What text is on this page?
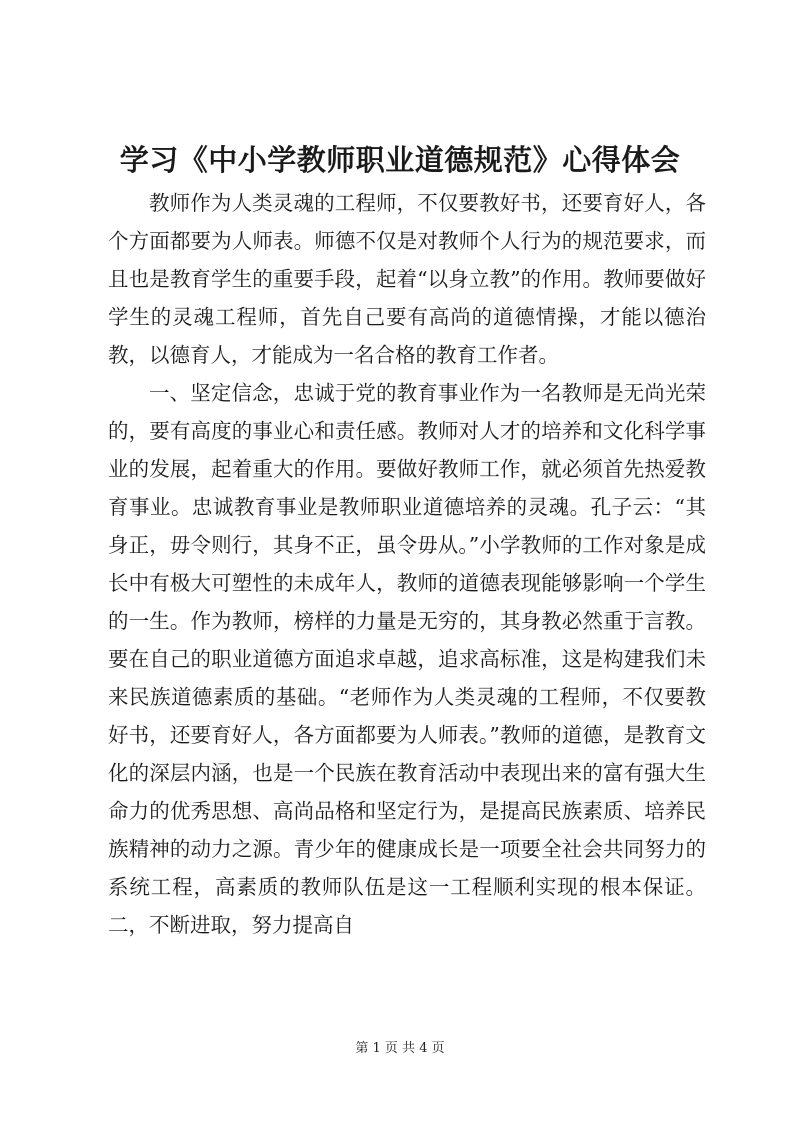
学习《中小学教师职业道德规范》心得体会

教师作为人类灵魂的工程师，不仅要教好书，还要育好人，各个方面都要为人师表。师德不仅是对教师个人行为的规范要求，而且也是教育学生的重要手段，起着“以身立教”的作用。教师要做好学生的灵魂工程师，首先自己要有高尚的道德情操，才能以德治教，以德育人，才能成为一名合格的教育工作者。

一、坚定信念，忠诚于党的教育事业作为一名教师是无尚光荣的，要有高度的事业心和责任感。教师对人才的培养和文化科学事业的发展，起着重大的作用。要做好教师工作，就必须首先热爱教育事业。忠诚教育事业是教师职业道德培养的灵魂。孔子云：“其身正，毋令则行，其身不正，虽令毋从。”小学教师的工作对象是成长中有极大可塑性的未成年人，教师的道德表现能够影响一个学生的一生。作为教师，榜样的力量是无穷的，其身教必然重于言教。要在自己的职业道德方面追求卓越，追求高标准，这是构建我们未来民族道德素质的基础。“老师作为人类灵魂的工程师，不仅要教好书，还要育好人，各方面都要为人师表。”教师的道德，是教育文化的深层内涵，也是一个民族在教育活动中表现出来的富有强大生命力的优秀思想、高尚品格和坚定行为，是提高民族素质、培养民族精神的动力之源。青少年的健康成长是一项要全社会共同努力的系统工程，高素质的教师队伍是这一工程顺利实现的根本保证。二，不断进取，努力提高自

第 1 页 共 4 页
